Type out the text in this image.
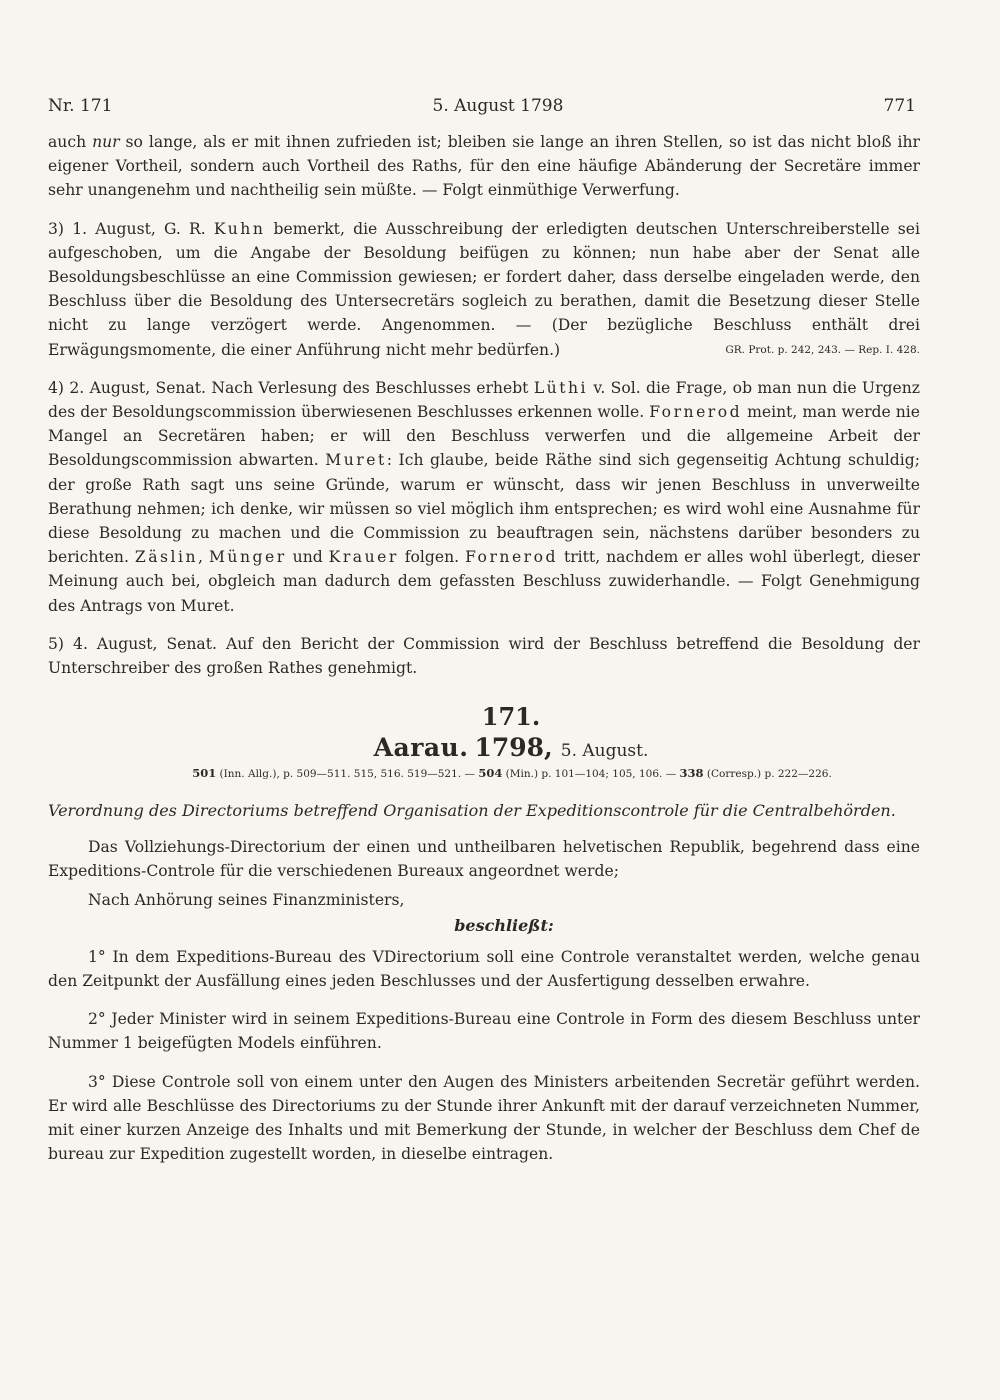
Nr. 171	5. August 1798	771

auch nur so lange, als er mit ihnen zufrieden ist; bleiben sie lange an ihren Stellen, so ist das nicht bloß ihr eigener Vortheil, sondern auch Vortheil des Raths, für den eine häufige Abänderung der Secretäre immer sehr unangenehm und nachtheilig sein müßte. — Folgt einmüthige Verwerfung.

3) 1. August, G. R. Kuhn bemerkt, die Ausschreibung der erledigten deutschen Unterschreiberstelle sei aufgeschoben, um die Angabe der Besoldung beifügen zu können; nun habe aber der Senat alle Besoldungsbeschlüsse an eine Commission gewiesen; er fordert daher, dass derselbe eingeladen werde, den Beschluss über die Besoldung des Untersecretärs sogleich zu berathen, damit die Besetzung dieser Stelle nicht zu lange verzögert werde. Angenommen. — (Der bezügliche Beschluss enthält drei Erwägungsmomente, die einer Anführung nicht mehr bedürfen.)	GR. Prot. p. 242, 243. — Rep. I. 428.

4) 2. August, Senat. Nach Verlesung des Beschlusses erhebt Lüthi v. Sol. die Frage, ob man nun die Urgenz des der Besoldungscommission überwiesenen Beschlusses erkennen wolle. Fornerod meint, man werde nie Mangel an Secretären haben; er will den Beschluss verwerfen und die allgemeine Arbeit der Besoldungscommission abwarten. Muret: Ich glaube, beide Räthe sind sich gegenseitig Achtung schuldig; der große Rath sagt uns seine Gründe, warum er wünscht, dass wir jenen Beschluss in unverweilte Berathung nehmen; ich denke, wir müssen so viel möglich ihm entsprechen; es wird wohl eine Ausnahme für diese Besoldung zu machen und die Commission zu beauftragen sein, nächstens darüber besonders zu berichten. Zäslin, Münger und Krauer folgen. Fornerod tritt, nachdem er alles wohl überlegt, dieser Meinung auch bei, obgleich man dadurch dem gefassten Beschluss zuwiderhandle. — Folgt Genehmigung des Antrags von Muret.

5) 4. August, Senat. Auf den Bericht der Commission wird der Beschluss betreffend die Besoldung der Unterschreiber des großen Rathes genehmigt.

171.
Aarau. 1798, 5. August.
501 (Inn. Allg.), p. 509—511. 515, 516. 519—521. — 504 (Min.) p. 101—104; 105, 106. — 338 (Corresp.) p. 222—226.

Verordnung des Directoriums betreffend Organisation der Expeditionscontrole für die Centralbehörden.

Das Vollziehungs-Directorium der einen und untheilbaren helvetischen Republik, begehrend dass eine Expeditions-Controle für die verschiedenen Bureaux angeordnet werde;

Nach Anhörung seines Finanzministers,

beschließt:

1° In dem Expeditions-Bureau des VDirectorium soll eine Controle veranstaltet werden, welche genau den Zeitpunkt der Ausfällung eines jeden Beschlusses und der Ausfertigung desselben erwahre.

2° Jeder Minister wird in seinem Expeditions-Bureau eine Controle in Form des diesem Beschluss unter Nummer 1 beigefügten Models einführen.

3° Diese Controle soll von einem unter den Augen des Ministers arbeitenden Secretär geführt werden. Er wird alle Beschlüsse des Directoriums zu der Stunde ihrer Ankunft mit der darauf verzeichneten Nummer, mit einer kurzen Anzeige des Inhalts und mit Bemerkung der Stunde, in welcher der Beschluss dem Chef de bureau zur Expedition zugestellt worden, in dieselbe eintragen.
